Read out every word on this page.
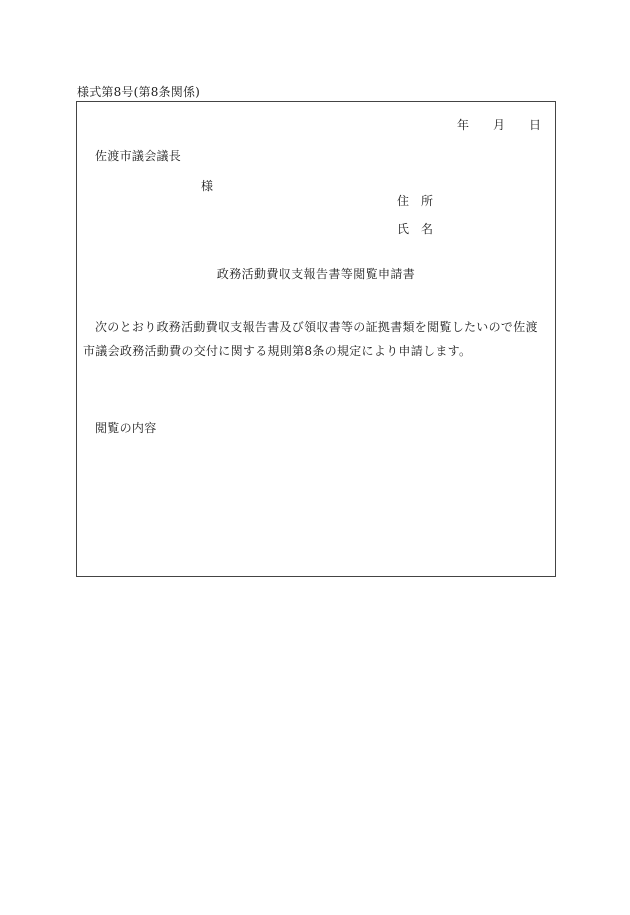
様式第8号(第8条関係)
年 月 日
佐渡市議会議長
様
住　所
氏　名
政務活動費収支報告書等閲覧申請書

次のとおり政務活動費収支報告書及び領収書等の証拠書類を閲覧したいので佐渡市議会政務活動費の交付に関する規則第8条の規定により申請します。

閲覧の内容
